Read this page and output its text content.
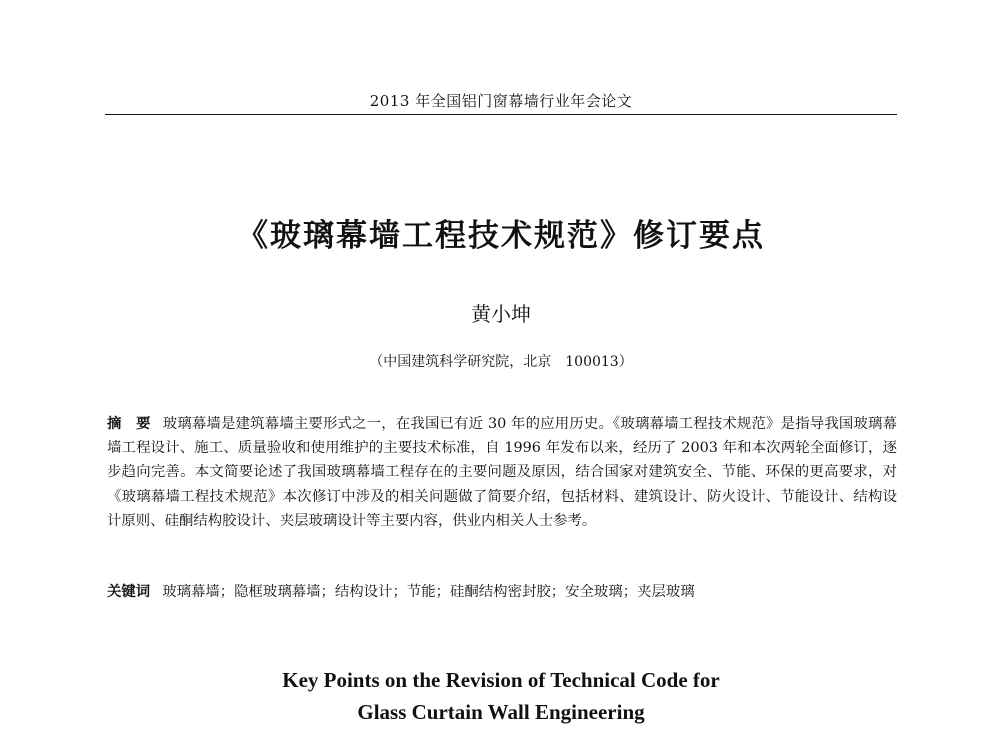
2013 年全国铝门窗幕墙行业年会论文
《玻璃幕墙工程技术规范》修订要点
黄小坤
（中国建筑科学研究院，北京　100013）
摘　要 玻璃幕墙是建筑幕墙主要形式之一，在我国已有近 30 年的应用历史。《玻璃幕墙工程技术规范》是指导我国玻璃幕墙工程设计、施工、质量验收和使用维护的主要技术标准，自 1996 年发布以来，经历了 2003 年和本次两轮全面修订，逐步趋向完善。本文简要论述了我国玻璃幕墙工程存在的主要问题及原因，结合国家对建筑安全、节能、环保的更高要求，对《玻璃幕墙工程技术规范》本次修订中涉及的相关问题做了简要介绍，包括材料、建筑设计、防火设计、节能设计、结构设计原则、硅酮结构胶设计、夹层玻璃设计等主要内容，供业内相关人士参考。
关键词 玻璃幕墙；隐框玻璃幕墙；结构设计；节能；硅酮结构密封胶；安全玻璃；夹层玻璃
Key Points on the Revision of Technical Code for
Glass Curtain Wall Engineering
